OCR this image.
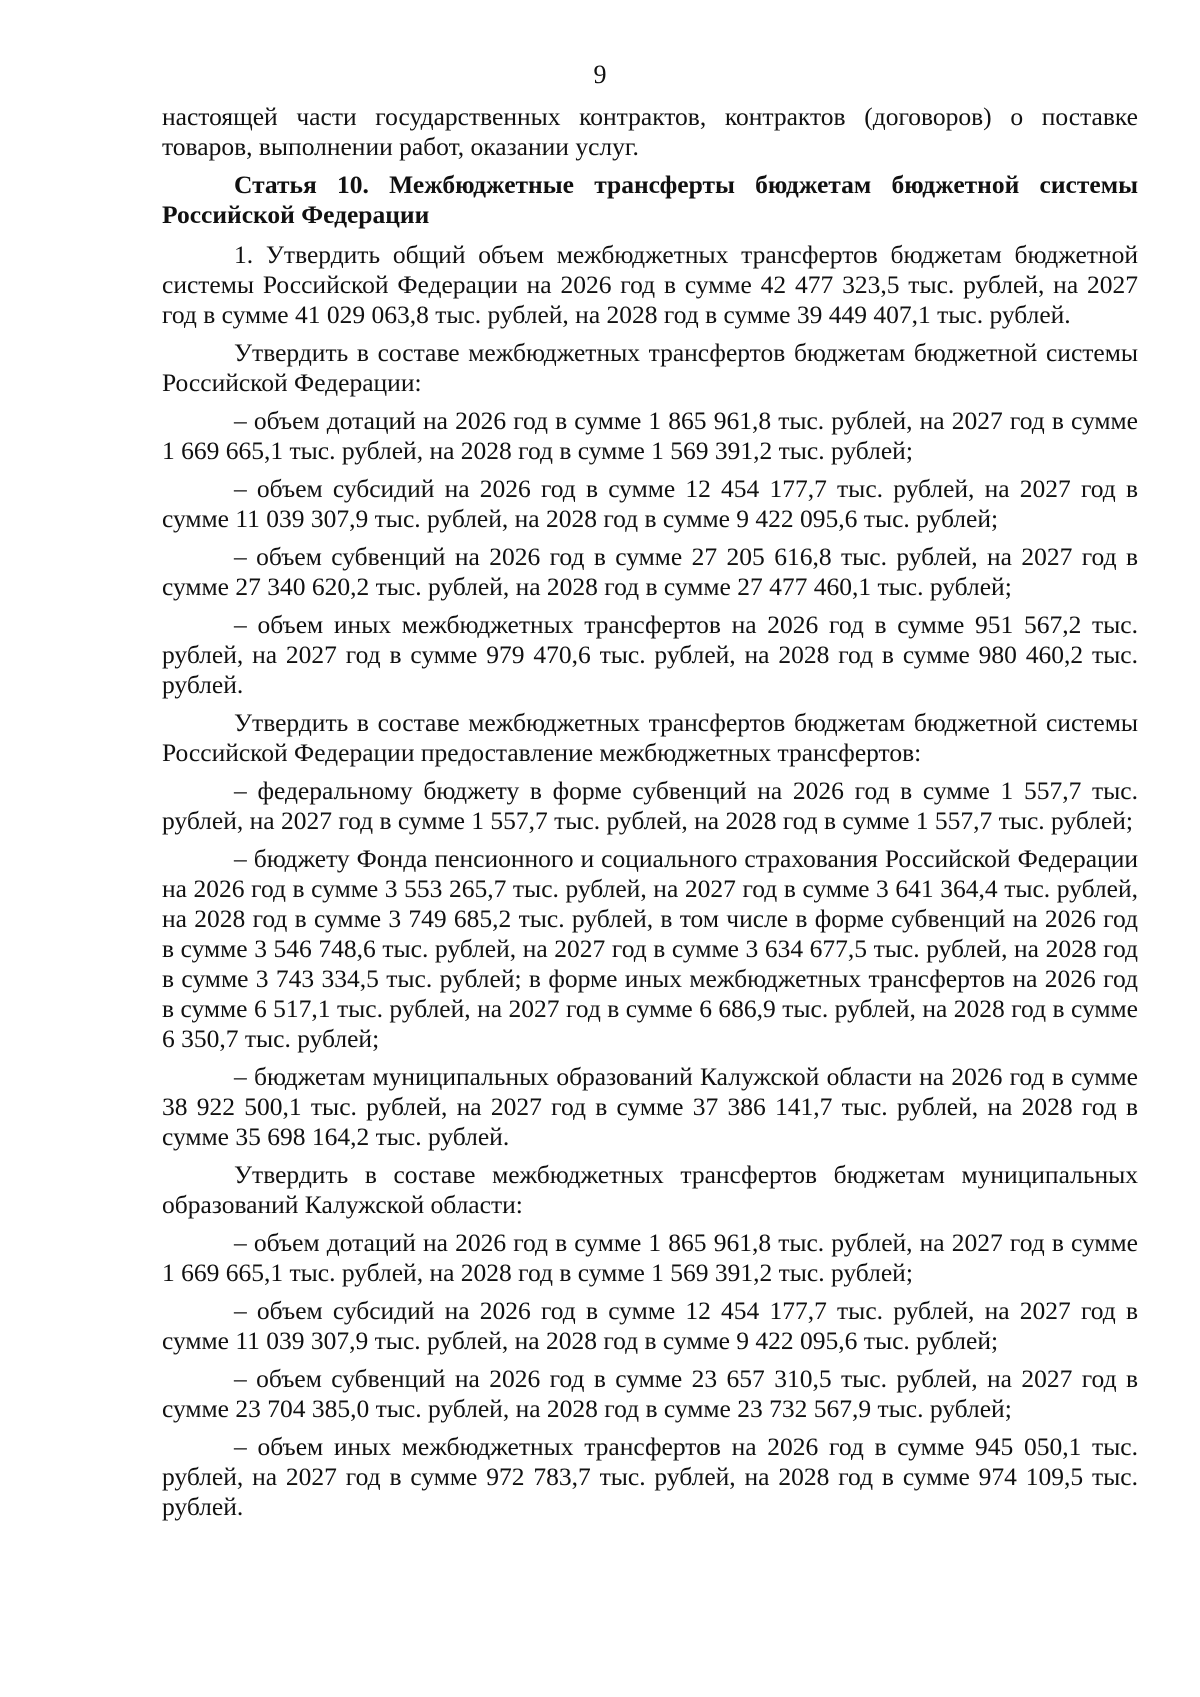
9

настоящей части государственных контрактов, контрактов (договоров) о поставке товаров, выполнении работ, оказании услуг.

Статья 10. Межбюджетные трансферты бюджетам бюджетной системы Российской Федерации

1. Утвердить общий объем межбюджетных трансфертов бюджетам бюджетной системы Российской Федерации на 2026 год в сумме 42 477 323,5 тыс. рублей, на 2027 год в сумме 41 029 063,8 тыс. рублей, на 2028 год в сумме 39 449 407,1 тыс. рублей.

Утвердить в составе межбюджетных трансфертов бюджетам бюджетной системы Российской Федерации:

– объем дотаций на 2026 год в сумме 1 865 961,8 тыс. рублей, на 2027 год в сумме 1 669 665,1 тыс. рублей, на 2028 год в сумме 1 569 391,2 тыс. рублей;

– объем субсидий на 2026 год в сумме 12 454 177,7 тыс. рублей, на 2027 год в сумме 11 039 307,9 тыс. рублей, на 2028 год в сумме 9 422 095,6 тыс. рублей;

– объем субвенций на 2026 год в сумме 27 205 616,8 тыс. рублей, на 2027 год в сумме 27 340 620,2 тыс. рублей, на 2028 год в сумме 27 477 460,1 тыс. рублей;

– объем иных межбюджетных трансфертов на 2026 год в сумме 951 567,2 тыс. рублей, на 2027 год в сумме 979 470,6 тыс. рублей, на 2028 год в сумме 980 460,2 тыс. рублей.

Утвердить в составе межбюджетных трансфертов бюджетам бюджетной системы Российской Федерации предоставление межбюджетных трансфертов:

– федеральному бюджету в форме субвенций на 2026 год в сумме 1 557,7 тыс. рублей, на 2027 год в сумме 1 557,7 тыс. рублей, на 2028 год в сумме 1 557,7 тыс. рублей;

– бюджету Фонда пенсионного и социального страхования Российской Федерации на 2026 год в сумме 3 553 265,7 тыс. рублей, на 2027 год в сумме 3 641 364,4 тыс. рублей, на 2028 год в сумме 3 749 685,2 тыс. рублей, в том числе в форме субвенций на 2026 год в сумме 3 546 748,6 тыс. рублей, на 2027 год в сумме 3 634 677,5 тыс. рублей, на 2028 год в сумме 3 743 334,5 тыс. рублей; в форме иных межбюджетных трансфертов на 2026 год в сумме 6 517,1 тыс. рублей, на 2027 год в сумме 6 686,9 тыс. рублей, на 2028 год в сумме 6 350,7 тыс. рублей;

– бюджетам муниципальных образований Калужской области на 2026 год в сумме 38 922 500,1 тыс. рублей, на 2027 год в сумме 37 386 141,7 тыс. рублей, на 2028 год в сумме 35 698 164,2 тыс. рублей.

Утвердить в составе межбюджетных трансфертов бюджетам муниципальных образований Калужской области:

– объем дотаций на 2026 год в сумме 1 865 961,8 тыс. рублей, на 2027 год в сумме 1 669 665,1 тыс. рублей, на 2028 год в сумме 1 569 391,2 тыс. рублей;

– объем субсидий на 2026 год в сумме 12 454 177,7 тыс. рублей, на 2027 год в сумме 11 039 307,9 тыс. рублей, на 2028 год в сумме 9 422 095,6 тыс. рублей;

– объем субвенций на 2026 год в сумме 23 657 310,5 тыс. рублей, на 2027 год в сумме 23 704 385,0 тыс. рублей, на 2028 год в сумме 23 732 567,9 тыс. рублей;

– объем иных межбюджетных трансфертов на 2026 год в сумме 945 050,1 тыс. рублей, на 2027 год в сумме 972 783,7 тыс. рублей, на 2028 год в сумме 974 109,5 тыс. рублей.
